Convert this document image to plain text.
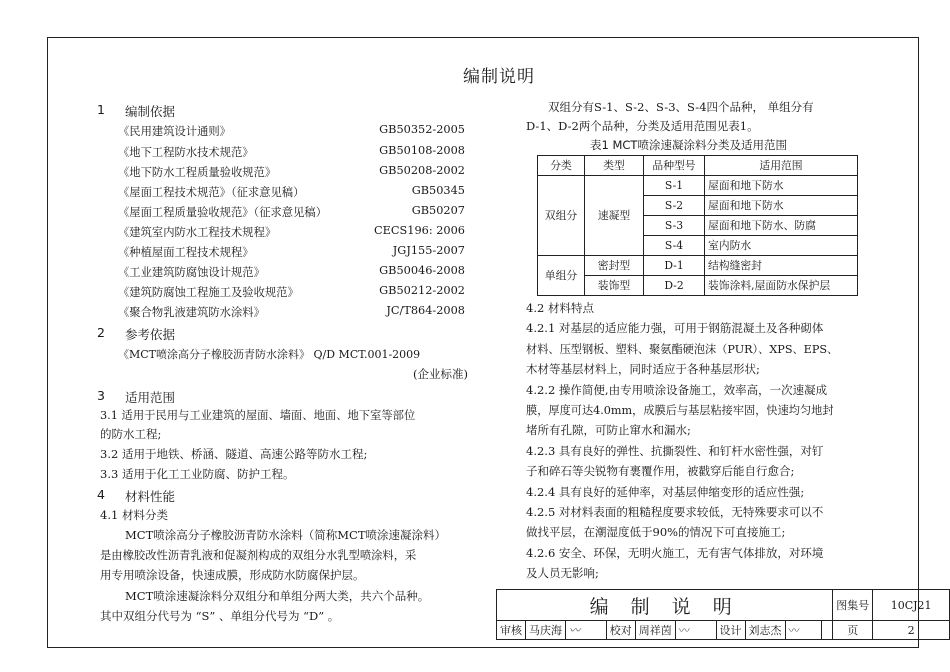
编制说明
1 编制依据
《民用建筑设计通则》	GB50352-2005
《地下工程防水技术规范》	GB50108-2008
《地下防水工程质量验收规范》	GB50208-2002
《屋面工程技术规范》（征求意见稿）	GB50345
《屋面工程质量验收规范》（征求意见稿）	GB50207
《建筑室内防水工程技术规程》	CECS196: 2006
《种植屋面工程技术规程》	JGJ155-2007
《工业建筑防腐蚀设计规范》	GB50046-2008
《建筑防腐蚀工程施工及验收规范》	GB50212-2002
《聚合物乳液建筑防水涂料》	JC/T864-2008
2 参考依据
《MCT喷涂高分子橡胶沥青防水涂料》 Q/D MCT.001-2009
(企业标准)
3 适用范围
3.1 适用于民用与工业建筑的屋面、墙面、地面、地下室等部位
的防水工程;
3.2 适用于地铁、桥涵、隧道、高速公路等防水工程;
3.3 适用于化工工业防腐、防护工程。
4 材料性能
4.1 材料分类
MCT喷涂高分子橡胶沥青防水涂料（简称MCT喷涂速凝涂料）
是由橡胶改性沥青乳液和促凝剂构成的双组分水乳型喷涂料，采
用专用喷涂设备，快速成膜，形成防水防腐保护层。
MCT喷涂速凝涂料分双组分和单组分两大类，共六个品种。
其中双组分代号为 “S” 、单组分代号为 “D” 。
双组分有S-1、S-2、S-3、S-4四个品种， 单组分有
D-1、D-2两个品种，分类及适用范围见表1。
表1 MCT喷涂速凝涂料分类及适用范围
分类	类型	品种型号	适用范围
双组分	速凝型	S-1	屋面和地下防水
		S-2	屋面和地下防水
		S-3	屋面和地下防水、防腐
		S-4	室内防水
单组分	密封型	D-1	结构缝密封
	装饰型	D-2	装饰涂料,屋面防水保护层
4.2 材料特点
4.2.1 对基层的适应能力强，可用于钢筋混凝土及各种砌体
材料、压型钢板、塑料、聚氨酯硬泡沫（PUR）、XPS、EPS、
木材等基层材料上，同时适应于各种基层形状;
4.2.2 操作简便,由专用喷涂设备施工，效率高，一次速凝成
膜，厚度可达4.0mm，成膜后与基层粘接牢固，快速均匀地封
堵所有孔隙，可防止窜水和漏水;
4.2.3 具有良好的弹性、抗撕裂性、和钉杆水密性强，对钉
子和碎石等尖锐物有裹覆作用，被戳穿后能自行愈合;
4.2.4 具有良好的延伸率，对基层伸缩变形的适应性强;
4.2.5 对材料表面的粗糙程度要求较低，无特殊要求可以不
做找平层，在潮湿度低于90%的情况下可直接施工;
4.2.6 安全、环保，无明火施工，无有害气体排放，对环境
及人员无影响;
编 制 说 明										图集号	10CJ21
审核	马庆海	〰	校对	周祥茵	〰	设计	刘志杰	〰		页	2
